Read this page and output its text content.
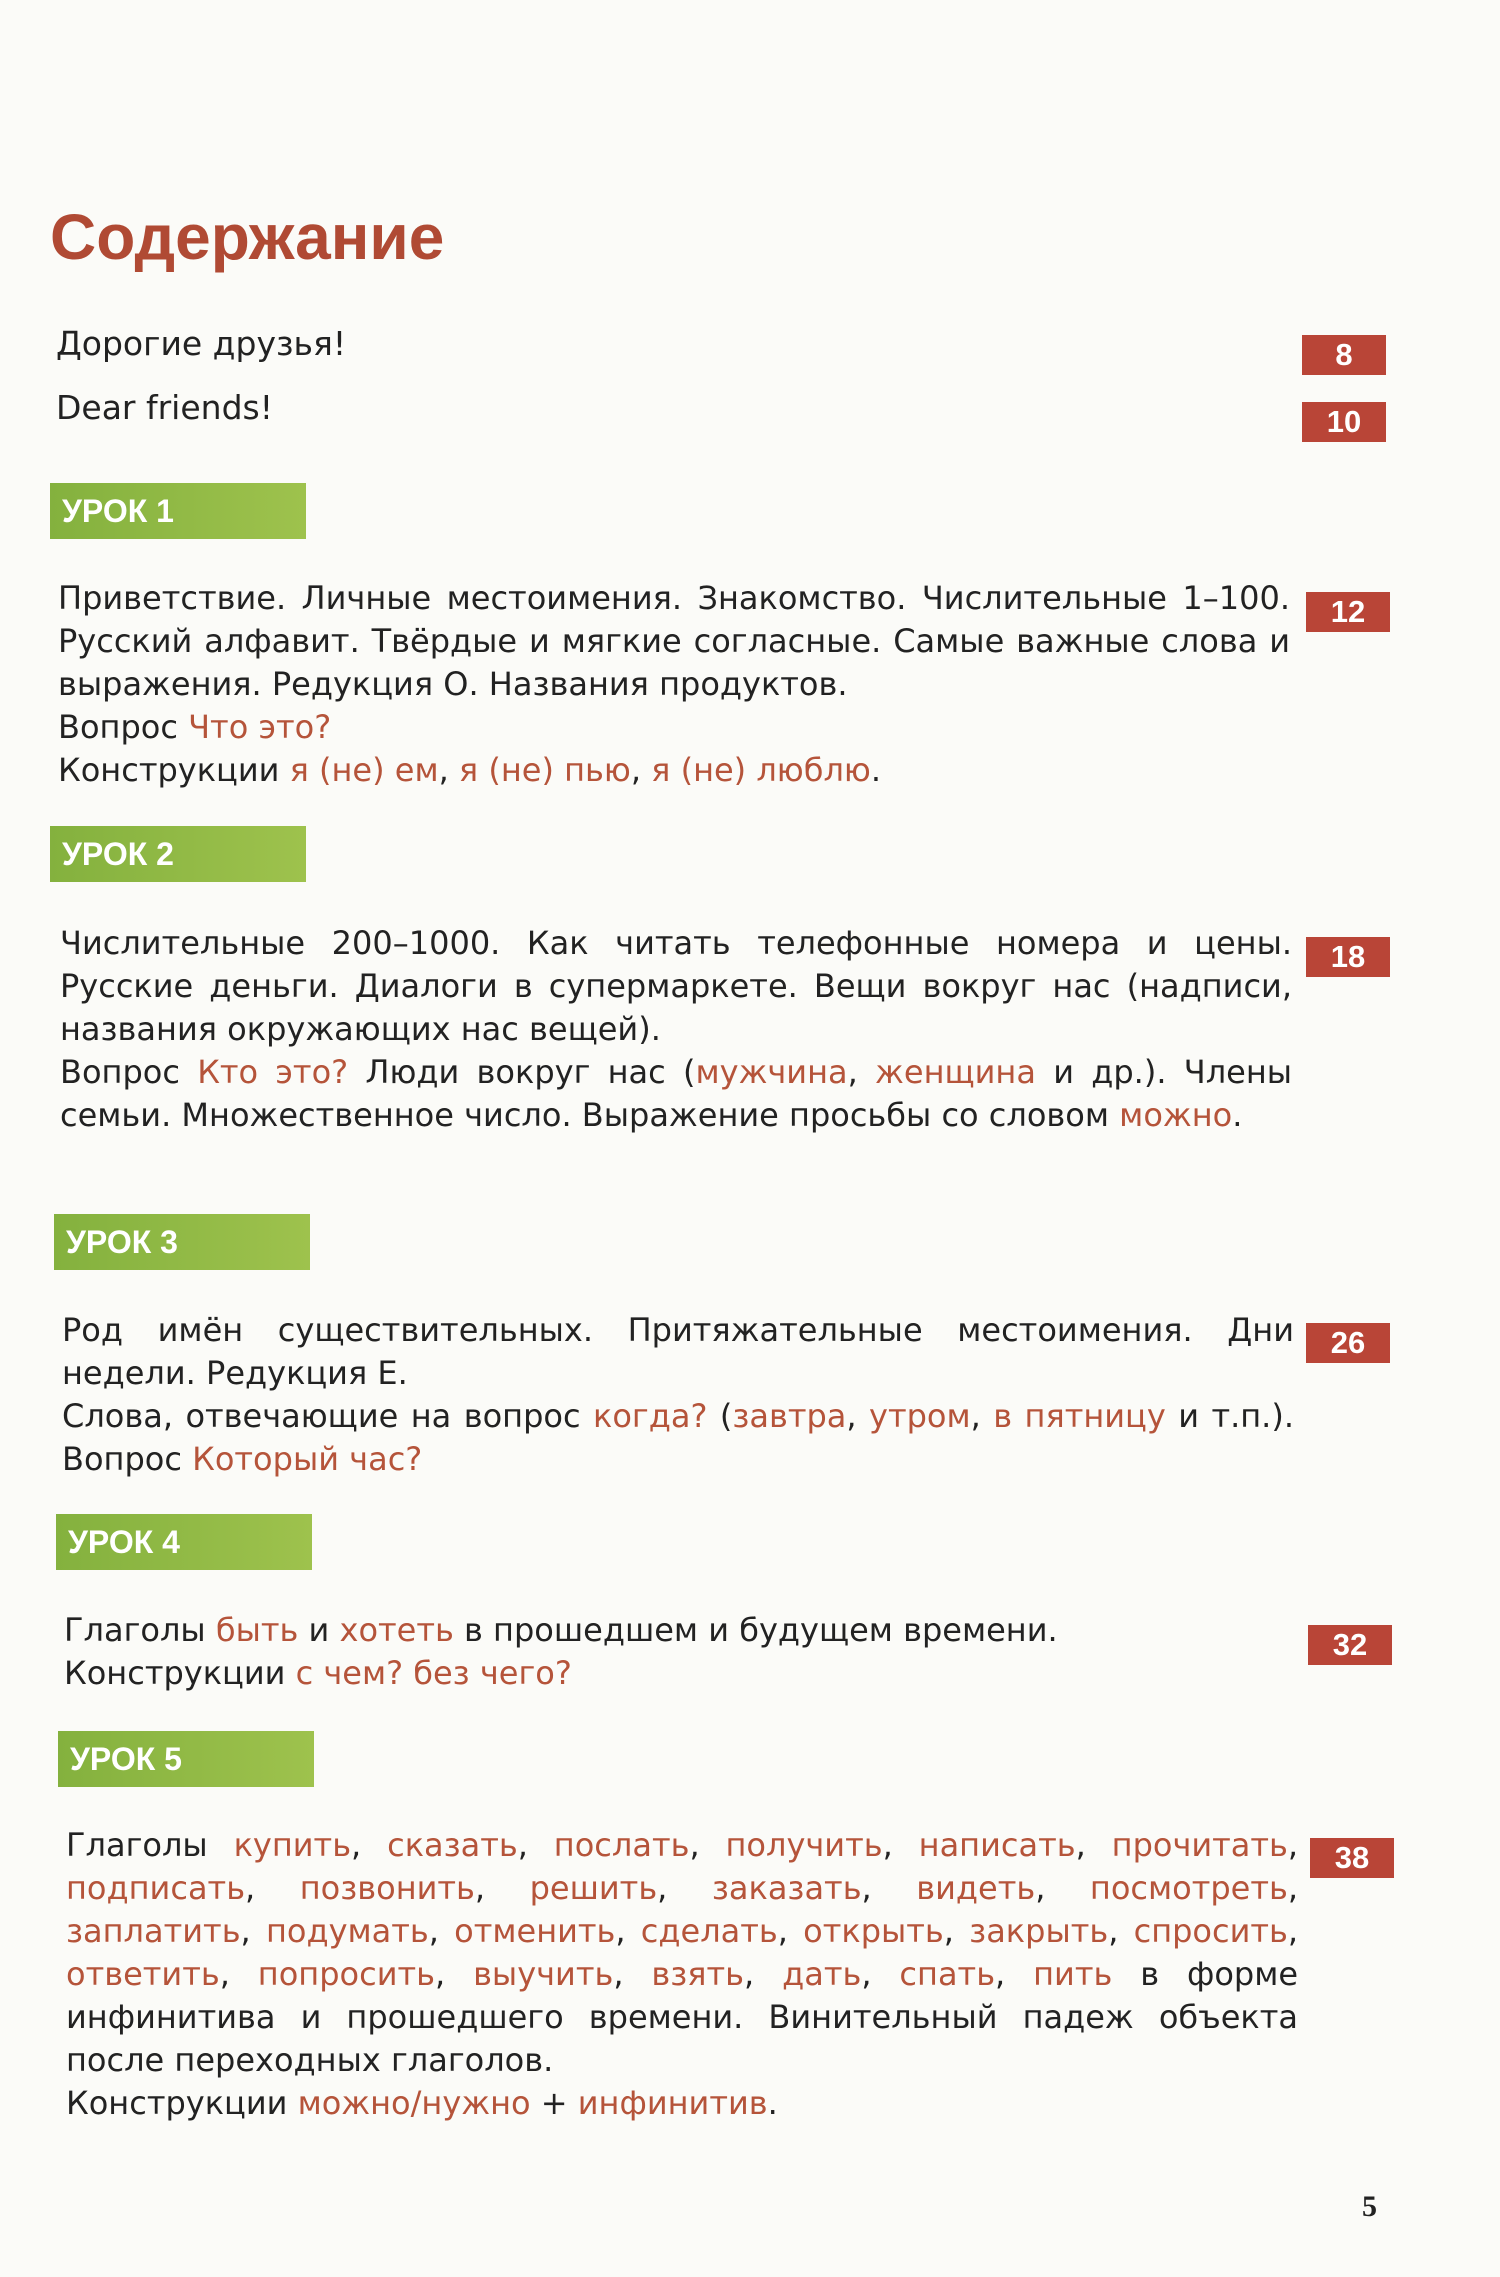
Содержание
Дорогие друзья!	8
Dear friends!	10
УРОК 1
12
Приветствие. Личные местоимения. Знакомство. Числительные 1–100. Русский алфавит. Твёрдые и мягкие согласные. Самые важные слова и выражения. Редукция О. Названия продуктов.
Вопрос Что это?
Конструкции я (не) ем, я (не) пью, я (не) люблю.
УРОК 2
18
Числительные 200–1000. Как читать телефонные номера и цены. Русские деньги. Диалоги в супермаркете. Вещи вокруг нас (надписи, названия окружающих нас вещей).
Вопрос Кто это? Люди вокруг нас (мужчина, женщина и др.). Члены семьи. Множественное число. Выражение просьбы со словом можно.
УРОК 3
26
Род имён существительных. Притяжательные местоимения. Дни недели. Редукция Е.
Слова, отвечающие на вопрос когда? (завтра, утром, в пятницу и т.п.). Вопрос Который час?
УРОК 4
32
Глаголы быть и хотеть в прошедшем и будущем времени.
Конструкции с чем? без чего?
УРОК 5
38
Глаголы купить, сказать, послать, получить, написать, прочитать, подписать, позвонить, решить, заказать, видеть, посмотреть, заплатить, подумать, отменить, сделать, открыть, закрыть, спросить, ответить, попросить, выучить, взять, дать, спать, пить в форме инфинитива и прошедшего времени. Винительный падеж объекта после переходных глаголов.
Конструкции можно/нужно + инфинитив.
5
